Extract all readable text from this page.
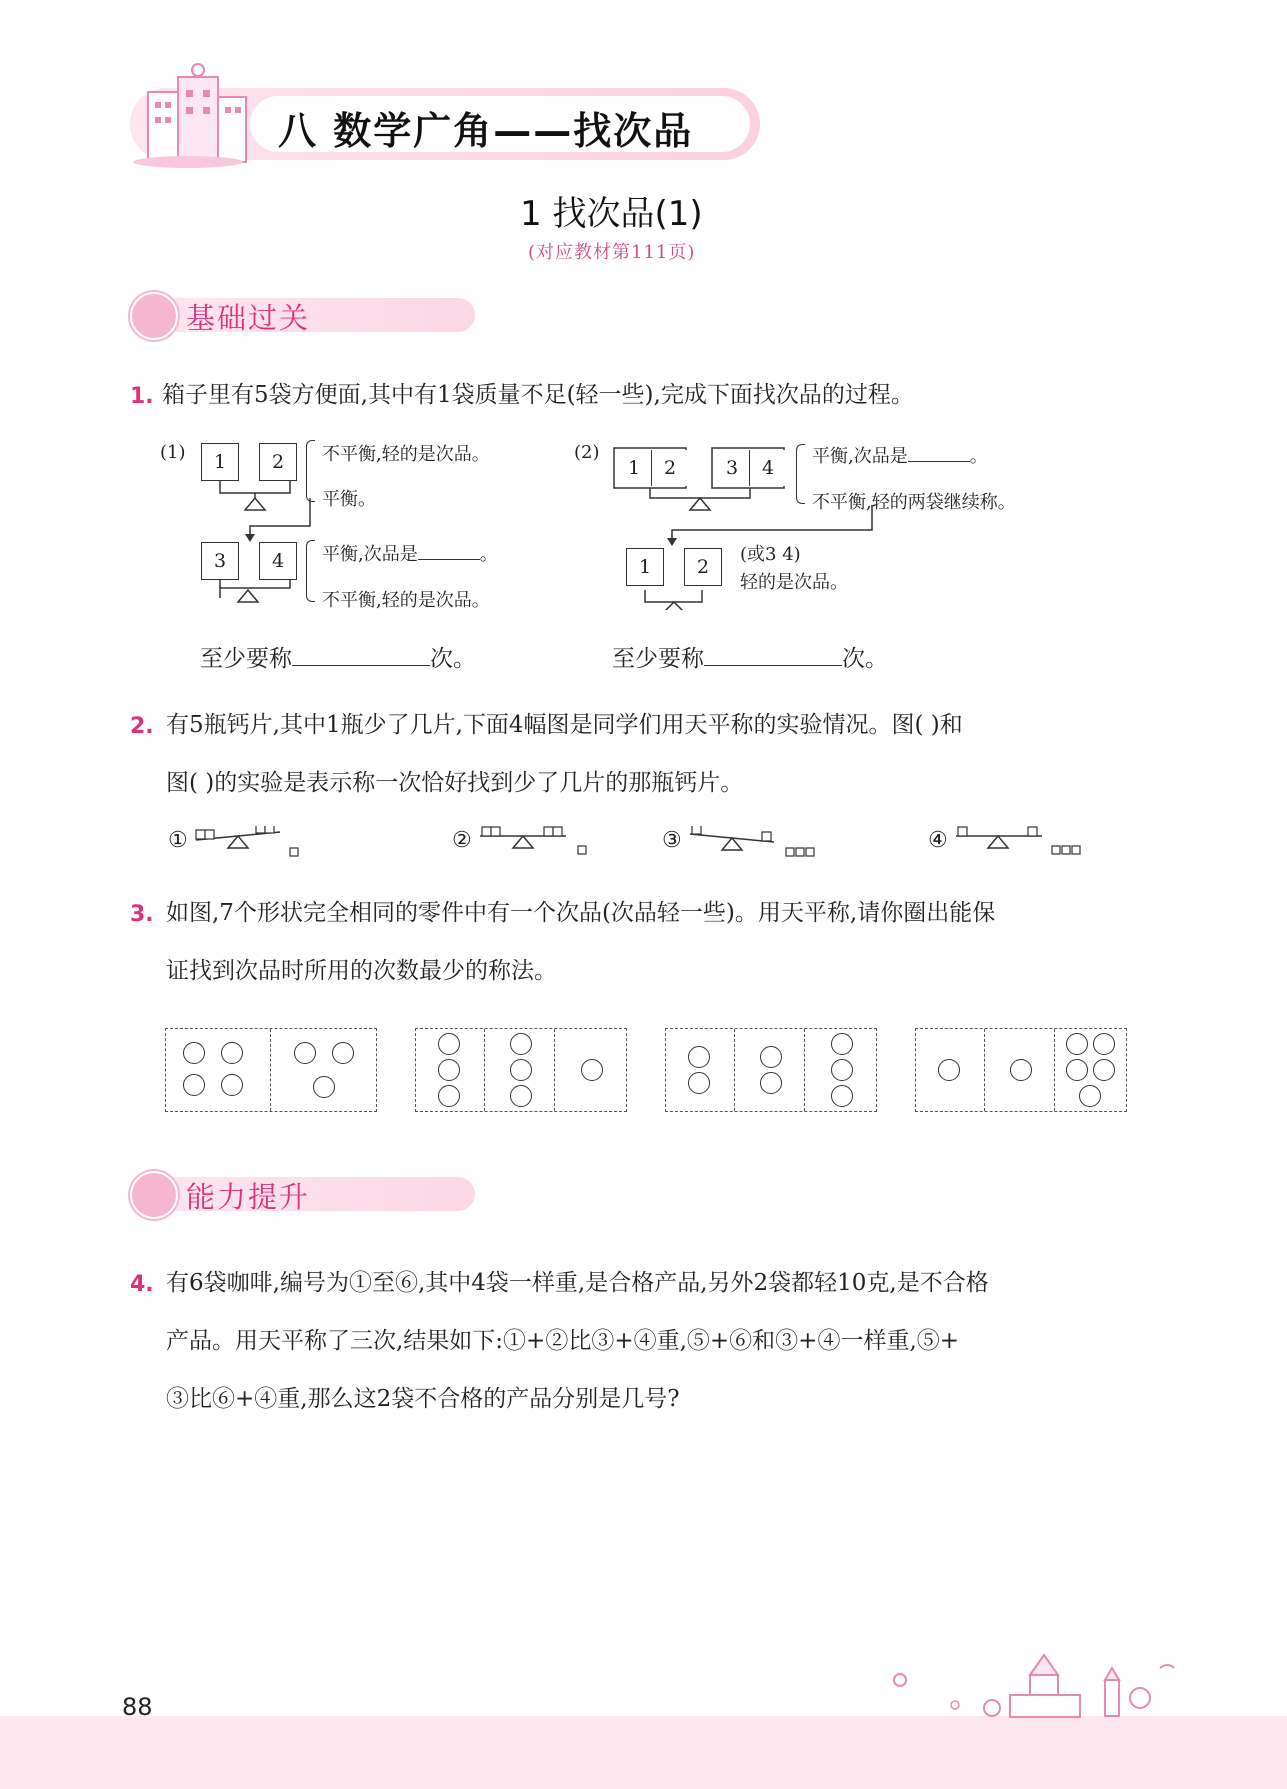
八 数学广角——找次品
1 找次品(1)
(对应教材第111页)
基础过关
1. 箱子里有5袋方便面,其中有1袋质量不足(轻一些),完成下面找次品的过程。
(1)	1	2	不平衡,轻的是次品。
平衡。
3	4	平衡,次品是	。
不平衡,轻的是次品。
至少要称	次。
(2)
1	2	3	4
平衡,次品是	。
不平衡,轻的两袋继续称。
1	2
(或3 4)
轻的是次品。
至少要称	次。
2. 有5瓶钙片,其中1瓶少了几片,下面4幅图是同学们用天平称的实验情况。图( )和
图( )的实验是表示称一次恰好找到少了几片的那瓶钙片。
①	②	③	④
3. 如图,7个形状完全相同的零件中有一个次品(次品轻一些)。用天平称,请你圈出能保
证找到次品时所用的次数最少的称法。
能力提升
4. 有6袋咖啡,编号为①至⑥,其中4袋一样重,是合格产品,另外2袋都轻10克,是不合格
产品。用天平称了三次,结果如下:①+②比③+④重,⑤+⑥和③+④一样重,⑤+
③比⑥+④重,那么这2袋不合格的产品分别是几号?
88
